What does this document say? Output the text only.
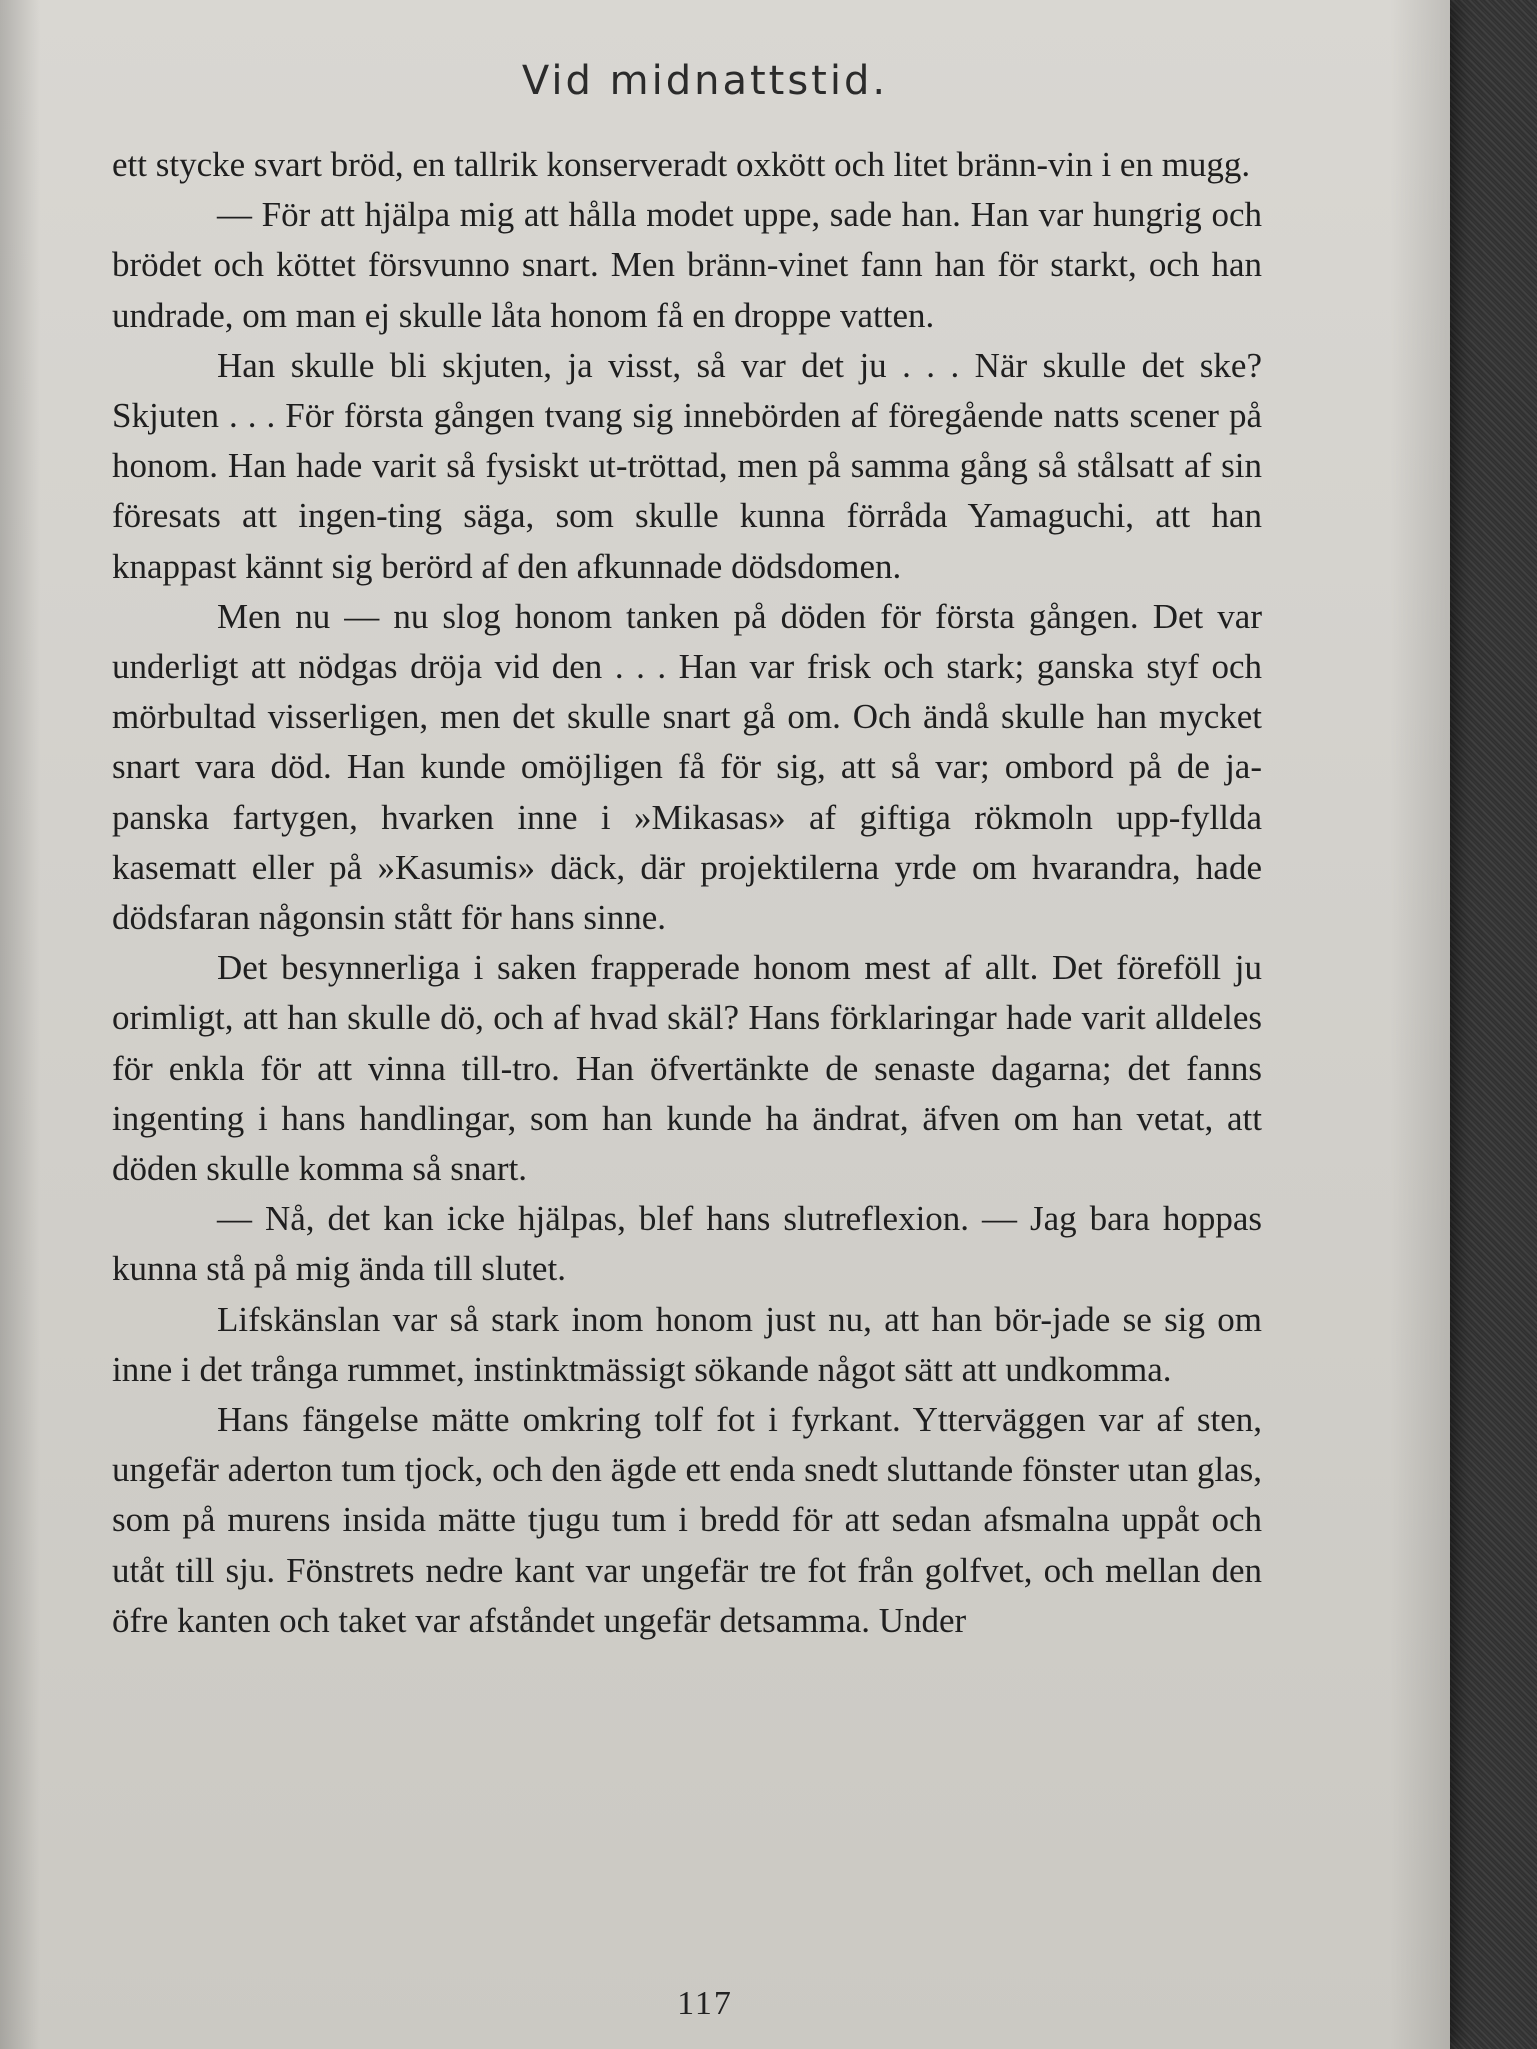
Vid midnattstid.

ett stycke svart bröd, en tallrik konserveradt oxkött och litet bränn-vin i en mugg.

— För att hjälpa mig att hålla modet uppe, sade han. Han var hungrig och brödet och köttet försvunno snart. Men bränn-vinet fann han för starkt, och han undrade, om man ej skulle låta honom få en droppe vatten.

Han skulle bli skjuten, ja visst, så var det ju . . . När skulle det ske? Skjuten . . . För första gången tvang sig innebörden af föregående natts scener på honom. Han hade varit så fysiskt ut-tröttad, men på samma gång så stålsatt af sin föresats att ingen-ting säga, som skulle kunna förråda Yamaguchi, att han knappast kännt sig berörd af den afkunnade dödsdomen.

Men nu — nu slog honom tanken på döden för första gången. Det var underligt att nödgas dröja vid den . . . Han var frisk och stark; ganska styf och mörbultad visserligen, men det skulle snart gå om. Och ändå skulle han mycket snart vara död. Han kunde omöjligen få för sig, att så var; ombord på de ja-panska fartygen, hvarken inne i »Mikasas» af giftiga rökmoln upp-fyllda kasematt eller på »Kasumis» däck, där projektilerna yrde om hvarandra, hade dödsfaran någonsin stått för hans sinne.

Det besynnerliga i saken frapperade honom mest af allt. Det föreföll ju orimligt, att han skulle dö, och af hvad skäl? Hans förklaringar hade varit alldeles för enkla för att vinna till-tro. Han öfvertänkte de senaste dagarna; det fanns ingenting i hans handlingar, som han kunde ha ändrat, äfven om han vetat, att döden skulle komma så snart.

— Nå, det kan icke hjälpas, blef hans slutreflexion. — Jag bara hoppas kunna stå på mig ända till slutet.

Lifskänslan var så stark inom honom just nu, att han bör-jade se sig om inne i det trånga rummet, instinktmässigt sökande något sätt att undkomma.

Hans fängelse mätte omkring tolf fot i fyrkant. Ytterväggen var af sten, ungefär aderton tum tjock, och den ägde ett enda snedt sluttande fönster utan glas, som på murens insida mätte tjugu tum i bredd för att sedan afsmalna uppåt och utåt till sju. Fönstrets nedre kant var ungefär tre fot från golfvet, och mellan den öfre kanten och taket var afståndet ungefär detsamma. Under

117
